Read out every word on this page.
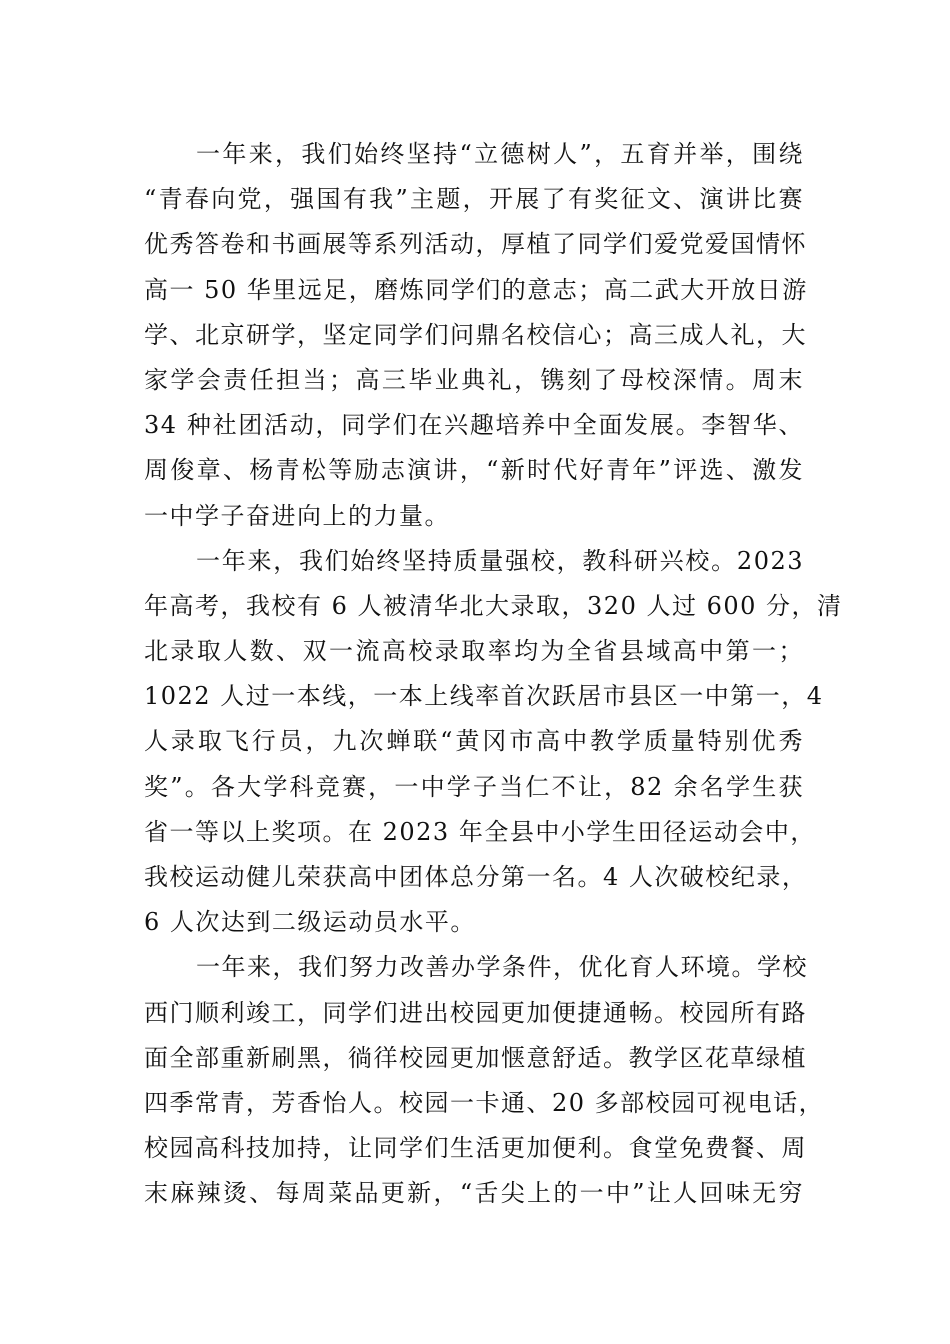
一年来，我们始终坚持“立德树人”，五育并举，围绕
“青春向党，强国有我”主题，开展了有奖征文、演讲比赛
优秀答卷和书画展等系列活动，厚植了同学们爱党爱国情怀
高一 50 华里远足，磨炼同学们的意志；高二武大开放日游
学、北京研学，坚定同学们问鼎名校信心；高三成人礼，大
家学会责任担当；高三毕业典礼，镌刻了母校深情。周末
34 种社团活动，同学们在兴趣培养中全面发展。李智华、
周俊章、杨青松等励志演讲，“新时代好青年”评选、激发
一中学子奋进向上的力量。

一年来，我们始终坚持质量强校，教科研兴校。2023
年高考，我校有 6 人被清华北大录取，320 人过 600 分，清
北录取人数、双一流高校录取率均为全省县域高中第一；
1022 人过一本线，一本上线率首次跃居市县区一中第一，4
人录取飞行员，九次蝉联“黄冈市高中教学质量特别优秀
奖”。各大学科竞赛，一中学子当仁不让，82 余名学生获
省一等以上奖项。在 2023 年全县中小学生田径运动会中，
我校运动健儿荣获高中团体总分第一名。4 人次破校纪录，
6 人次达到二级运动员水平。

一年来，我们努力改善办学条件，优化育人环境。学校
西门顺利竣工，同学们进出校园更加便捷通畅。校园所有路
面全部重新刷黑，徜徉校园更加惬意舒适。教学区花草绿植
四季常青，芳香怡人。校园一卡通、20 多部校园可视电话，
校园高科技加持，让同学们生活更加便利。食堂免费餐、周
末麻辣烫、每周菜品更新，“舌尖上的一中”让人回味无穷
